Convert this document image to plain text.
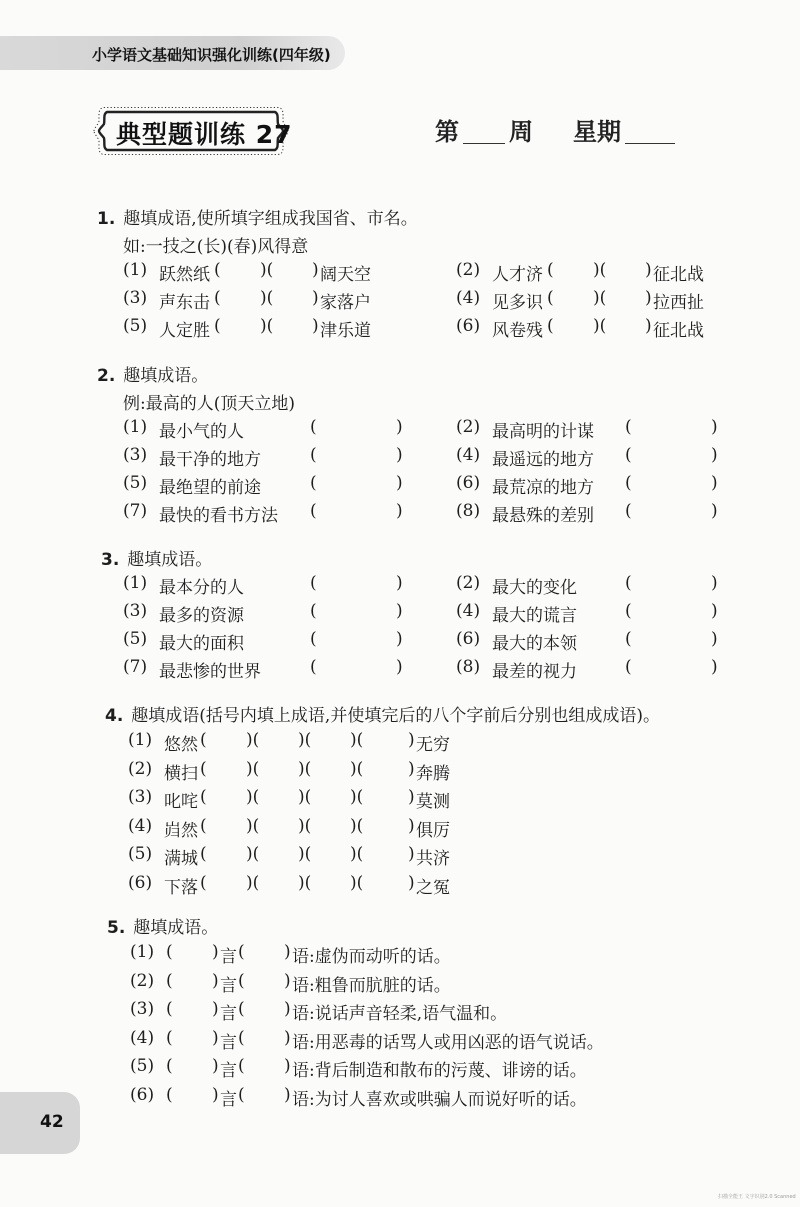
小学语文基础知识强化训练(四年级)
典型题训练 27	第 周 星期
1. 趣填成语,使所填字组成我国省、市名。
如:一技之(长)(春)风得意
(1) 跃然纸 ( )( ) 阔天空	(2) 人才济 ( )( ) 征北战
(3) 声东击 ( )( ) 家落户	(4) 见多识 ( )( ) 拉西扯
(5) 人定胜 ( )( ) 津乐道	(6) 风卷残 ( )( ) 征北战
2. 趣填成语。
例:最高的人(顶天立地)
(1) 最小气的人	(	)	(2) 最高明的计谋 (	)
(3) 最干净的地方	(	)	(4) 最遥远的地方 (	)
(5) 最绝望的前途	(	)	(6) 最荒凉的地方 (	)
(7) 最快的看书方法 (	)	(8) 最悬殊的差别 (	)
3. 趣填成语。
(1) 最本分的人	(	)	(2) 最大的变化	(	)
(3) 最多的资源	(	)	(4) 最大的谎言	(	)
(5) 最大的面积	(	)	(6) 最大的本领	(	)
(7) 最悲惨的世界	(	)	(8) 最差的视力	(	)
4. 趣填成语(括号内填上成语,并使填完后的八个字前后分别也组成成语)。
(1) 悠然 ( )( )( )(	) 无穷
(2) 横扫 ( )( )( )(	) 奔腾
(3) 叱咤 ( )( )( )(	) 莫测
(4) 岿然 ( )( )( )(	) 俱厉
(5) 满城 ( )( )( )(	) 共济
(6) 下落 ( )( )( )(	) 之冤
5. 趣填成语。
(1) ( ) 言 ( ) 语:虚伪而动听的话。
(2) ( ) 言 ( ) 语:粗鲁而肮脏的话。
(3) ( ) 言 ( ) 语:说话声音轻柔,语气温和。
(4) ( ) 言 ( ) 语:用恶毒的话骂人或用凶恶的语气说话。
(5) ( ) 言 ( ) 语:背后制造和散布的污蔑、诽谤的话。
(6) ( ) 言 ( ) 语:为讨人喜欢或哄骗人而说好听的话。
42
扫描全能王 文字识别2.0 Scanned
